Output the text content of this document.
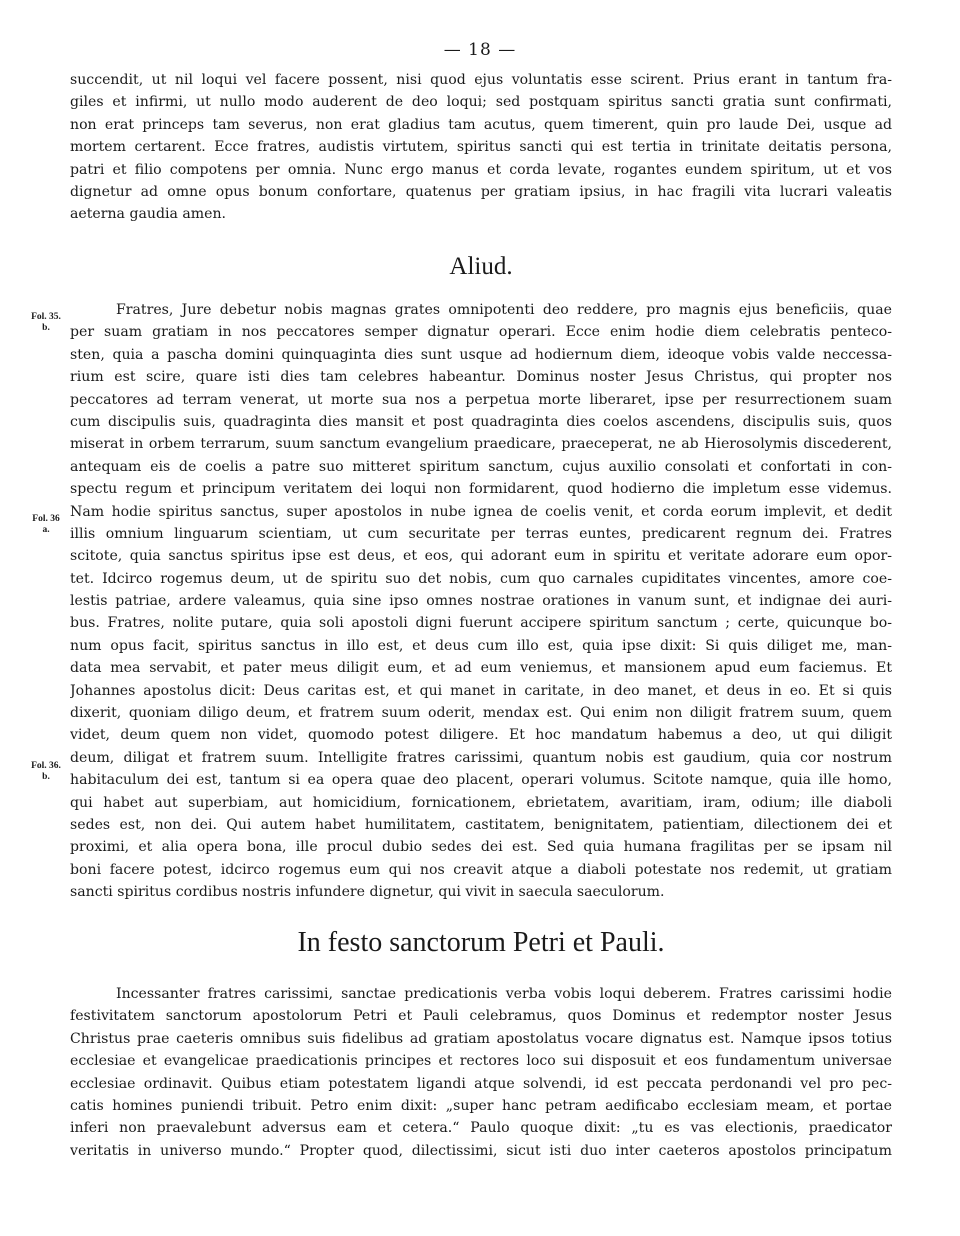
— 18 —
succendit, ut nil loqui vel facere possent, nisi quod ejus voluntatis esse scirent. Prius erant in tantum fra-
giles et infirmi, ut nullo modo auderent de deo loqui; sed postquam spiritus sancti gratia sunt confirmati,
non erat princeps tam severus, non erat gladius tam acutus, quem timerent, quin pro laude Dei, usque ad
mortem certarent. Ecce fratres, audistis virtutem, spiritus sancti qui est tertia in trinitate deitatis persona,
patri et filio compotens per omnia. Nunc ergo manus et corda levate, rogantes eundem spiritum, ut et vos
dignetur ad omne opus bonum confortare, quatenus per gratiam ipsius, in hac fragili vita lucrari valeatis
aeterna gaudia amen.
Aliud.
Fol. 35.
b.
Fol. 36
a.
Fol. 36.
b.
Fratres, Jure debetur nobis magnas grates omnipotenti deo reddere, pro magnis ejus beneficiis, quae
per suam gratiam in nos peccatores semper dignatur operari. Ecce enim hodie diem celebratis penteco-
sten, quia a pascha domini quinquaginta dies sunt usque ad hodiernum diem, ideoque vobis valde neccessa-
rium est scire, quare isti dies tam celebres habeantur. Dominus noster Jesus Christus, qui propter nos
peccatores ad terram venerat, ut morte sua nos a perpetua morte liberaret, ipse per resurrectionem suam
cum discipulis suis, quadraginta dies mansit et post quadraginta dies coelos ascendens, discipulis suis, quos
miserat in orbem terrarum, suum sanctum evangelium praedicare, praeceperat, ne ab Hierosolymis discederent,
antequam eis de coelis a patre suo mitteret spiritum sanctum, cujus auxilio consolati et confortati in con-
spectu regum et principum veritatem dei loqui non formidarent, quod hodierno die impletum esse videmus.
Nam hodie spiritus sanctus, super apostolos in nube ignea de coelis venit, et corda eorum implevit, et dedit
illis omnium linguarum scientiam, ut cum securitate per terras euntes, predicarent regnum dei. Fratres
scitote, quia sanctus spiritus ipse est deus, et eos, qui adorant eum in spiritu et veritate adorare eum opor-
tet. Idcirco rogemus deum, ut de spiritu suo det nobis, cum quo carnales cupiditates vincentes, amore coe-
lestis patriae, ardere valeamus, quia sine ipso omnes nostrae orationes in vanum sunt, et indignae dei auri-
bus. Fratres, nolite putare, quia soli apostoli digni fuerunt accipere spiritum sanctum ; certe, quicunque bo-
num opus facit, spiritus sanctus in illo est, et deus cum illo est, quia ipse dixit: Si quis diliget me, man-
data mea servabit, et pater meus diligit eum, et ad eum veniemus, et mansionem apud eum faciemus. Et
Johannes apostolus dicit: Deus caritas est, et qui manet in caritate, in deo manet, et deus in eo. Et si quis
dixerit, quoniam diligo deum, et fratrem suum oderit, mendax est. Qui enim non diligit fratrem suum, quem
videt, deum quem non videt, quomodo potest diligere. Et hoc mandatum habemus a deo, ut qui diligit
deum, diligat et fratrem suum. Intelligite fratres carissimi, quantum nobis est gaudium, quia cor nostrum
habitaculum dei est, tantum si ea opera quae deo placent, operari volumus. Scitote namque, quia ille homo,
qui habet aut superbiam, aut homicidium, fornicationem, ebrietatem, avaritiam, iram, odium; ille diaboli
sedes est, non dei. Qui autem habet humilitatem, castitatem, benignitatem, patientiam, dilectionem dei et
proximi, et alia opera bona, ille procul dubio sedes dei est. Sed quia humana fragilitas per se ipsam nil
boni facere potest, idcirco rogemus eum qui nos creavit atque a diaboli potestate nos redemit, ut gratiam
sancti spiritus cordibus nostris infundere dignetur, qui vivit in saecula saeculorum.
In festo sanctorum Petri et Pauli.
Incessanter fratres carissimi, sanctae predicationis verba vobis loqui deberem. Fratres carissimi hodie
festivitatem sanctorum apostolorum Petri et Pauli celebramus, quos Dominus et redemptor noster Jesus
Christus prae caeteris omnibus suis fidelibus ad gratiam apostolatus vocare dignatus est. Namque ipsos totius
ecclesiae et evangelicae praedicationis principes et rectores loco sui disposuit et eos fundamentum universae
ecclesiae ordinavit. Quibus etiam potestatem ligandi atque solvendi, id est peccata perdonandi vel pro pec-
catis homines puniendi tribuit. Petro enim dixit: „super hanc petram aedificabo ecclesiam meam, et portae
inferi non praevalebunt adversus eam et cetera.“ Paulo quoque dixit: „tu es vas electionis, praedicator
veritatis in universo mundo.“ Propter quod, dilectissimi, sicut isti duo inter caeteros apostolos principatum
